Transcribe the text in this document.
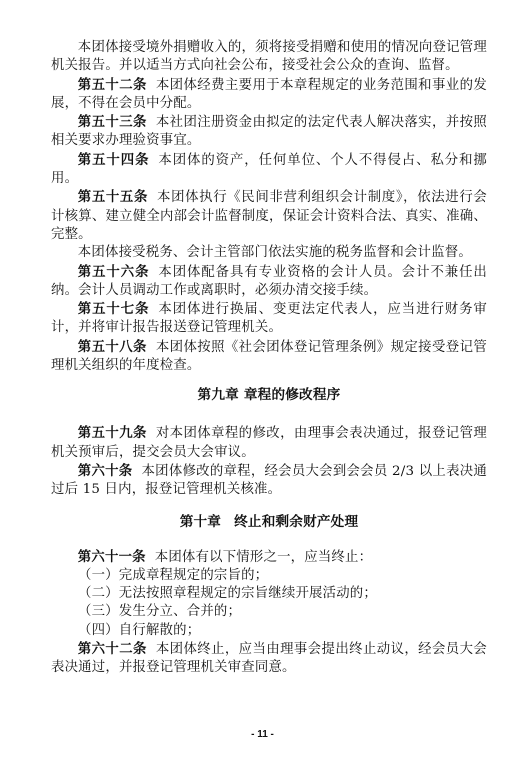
本团体接受境外捐赠收入的，须将接受捐赠和使用的情况向登记管理机关报告。并以适当方式向社会公布，接受社会公众的查询、监督。

第五十二条 本团体经费主要用于本章程规定的业务范围和事业的发展，不得在会员中分配。

第五十三条 本社团注册资金由拟定的法定代表人解决落实，并按照相关要求办理验资事宜。

第五十四条 本团体的资产，任何单位、个人不得侵占、私分和挪用。

第五十五条 本团体执行《民间非营利组织会计制度》，依法进行会计核算、建立健全内部会计监督制度，保证会计资料合法、真实、准确、完整。

本团体接受税务、会计主管部门依法实施的税务监督和会计监督。

第五十六条 本团体配备具有专业资格的会计人员。会计不兼任出纳。会计人员调动工作或离职时，必须办清交接手续。

第五十七条 本团体进行换届、变更法定代表人，应当进行财务审计，并将审计报告报送登记管理机关。

第五十八条 本团体按照《社会团体登记管理条例》规定接受登记管理机关组织的年度检查。

第九章 章程的修改程序

第五十九条 对本团体章程的修改，由理事会表决通过，报登记管理机关预审后，提交会员大会审议。

第六十条 本团体修改的章程，经会员大会到会会员 2/3 以上表决通过后 15 日内，报登记管理机关核准。

第十章 终止和剩余财产处理

第六十一条 本团体有以下情形之一，应当终止：

（一）完成章程规定的宗旨的；

（二）无法按照章程规定的宗旨继续开展活动的；

（三）发生分立、合并的；

（四）自行解散的；

第六十二条 本团体终止，应当由理事会提出终止动议，经会员大会表决通过，并报登记管理机关审查同意。

- 11 -
